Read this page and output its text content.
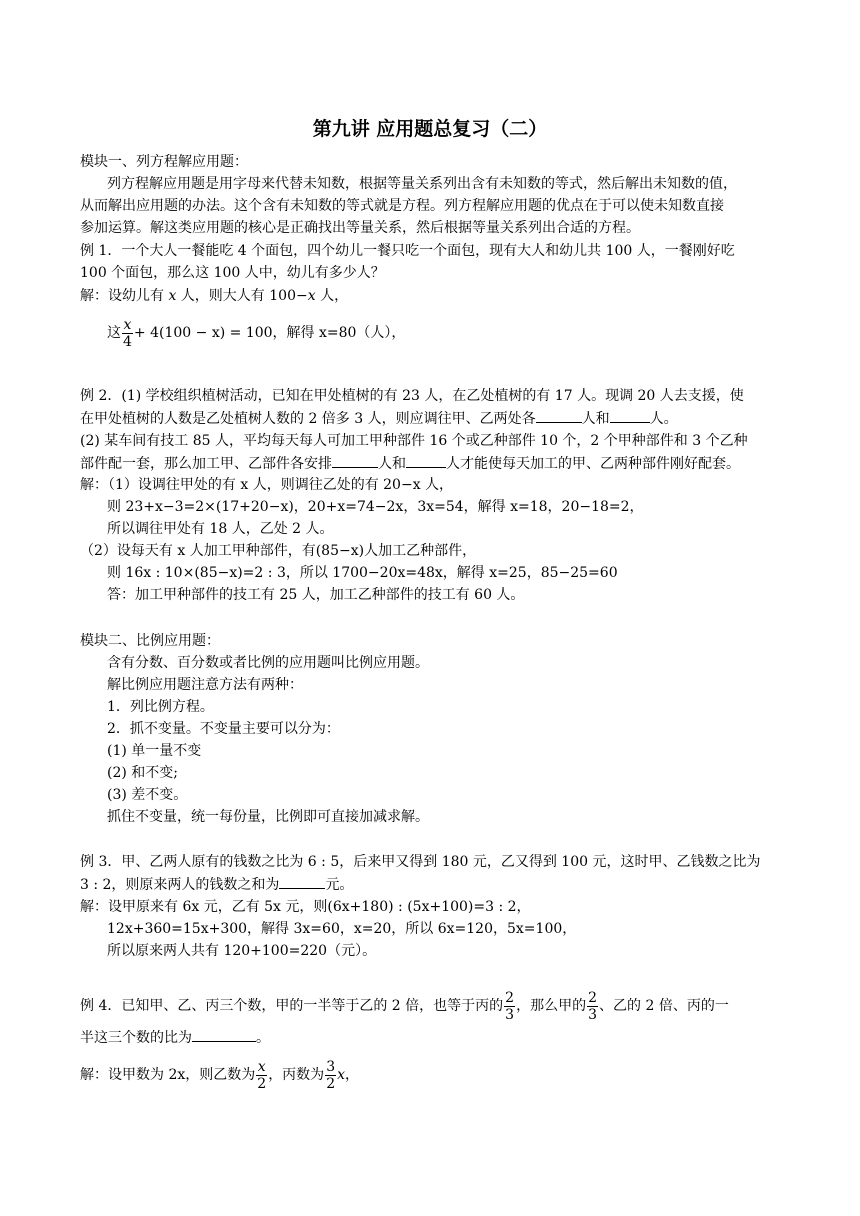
第九讲 应用题总复习（二）
模块一、列方程解应用题：
列方程解应用题是用字母来代替未知数，根据等量关系列出含有未知数的等式，然后解出未知数的值，
从而解出应用题的办法。这个含有未知数的等式就是方程。列方程解应用题的优点在于可以使未知数直接
参加运算。解这类应用题的核心是正确找出等量关系，然后根据等量关系列出合适的方程。
例 1．一个大人一餐能吃 4 个面包，四个幼儿一餐只吃一个面包，现有大人和幼儿共 100 人，一餐刚好吃
100 个面包，那么这 100 人中，幼儿有多少人？
解：设幼儿有 x 人，则大人有 100−x 人，
这 $\frac{x}{4} + 4(100 - x) = 100$，解得 x=80（人），
例 2．(1) 学校组织植树活动，已知在甲处植树的有 23 人，在乙处植树的有 17 人。现调 20 人去支援，使
在甲处植树的人数是乙处植树人数的 2 倍多 3 人，则应调往甲、乙两处各	人和	人。
(2) 某车间有技工 85 人，平均每天每人可加工甲种部件 16 个或乙种部件 10 个，2 个甲种部件和 3 个乙种
部件配一套，那么加工甲、乙部件各安排	人和	人才能使每天加工的甲、乙两种部件刚好配套。
解：（1）设调往甲处的有 x 人，则调往乙处的有 20−x 人，
则 23+x−3=2×(17+20−x)，20+x=74−2x，3x=54，解得 x=18，20−18=2，
所以调往甲处有 18 人，乙处 2 人。
（2）设每天有 x 人加工甲种部件，有(85−x)人加工乙种部件，
则 16x : 10×(85−x)=2 : 3，所以 1700−20x=48x，解得 x=25，85−25=60
答：加工甲种部件的技工有 25 人，加工乙种部件的技工有 60 人。
模块二、比例应用题：
含有分数、百分数或者比例的应用题叫比例应用题。
解比例应用题注意方法有两种：
1．列比例方程。
2．抓不变量。不变量主要可以分为：
(1) 单一量不变
(2) 和不变;
(3) 差不变。
抓住不变量，统一每份量，比例即可直接加减求解。
例 3．甲、乙两人原有的钱数之比为 6 : 5，后来甲又得到 180 元，乙又得到 100 元，这时甲、乙钱数之比为
3 : 2，则原来两人的钱数之和为	元。
解：设甲原来有 6x 元，乙有 5x 元，则(6x+180) : (5x+100)=3 : 2，
12x+360=15x+300，解得 3x=60，x=20，所以 6x=120，5x=100，
所以原来两人共有 120+100=220（元）。
例 4．已知甲、乙、丙三个数，甲的一半等于乙的 2 倍，也等于丙的 $\frac{2}{3}$ ，那么甲的 $\frac{2}{3}$ 、乙的 2 倍、丙的一
半这三个数的比为	。
解：设甲数为 2x，则乙数为 $\frac{x}{2}$ ，丙数为 $\frac{3}{2}$ x，
